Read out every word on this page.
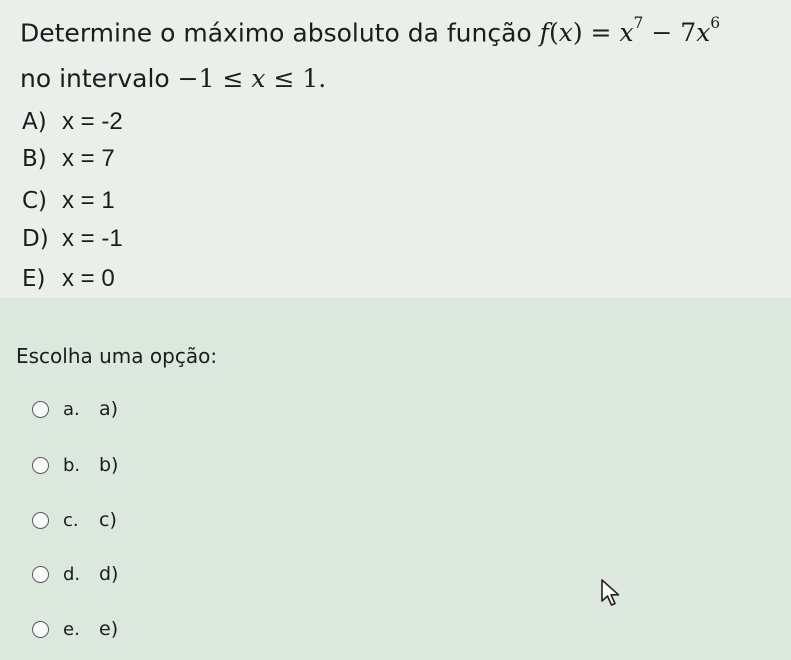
Determine o máximo absoluto da função $f(x) = x^7 - 7x^6$
no intervalo −1 ≤ x ≤ 1.
A) x = -2
B) x = 7
C) x = 1
D) x = -1
E) x = 0
Escolha uma opção:
a.	a)
b. b)
c.	c)
d. d)
e.	e)
